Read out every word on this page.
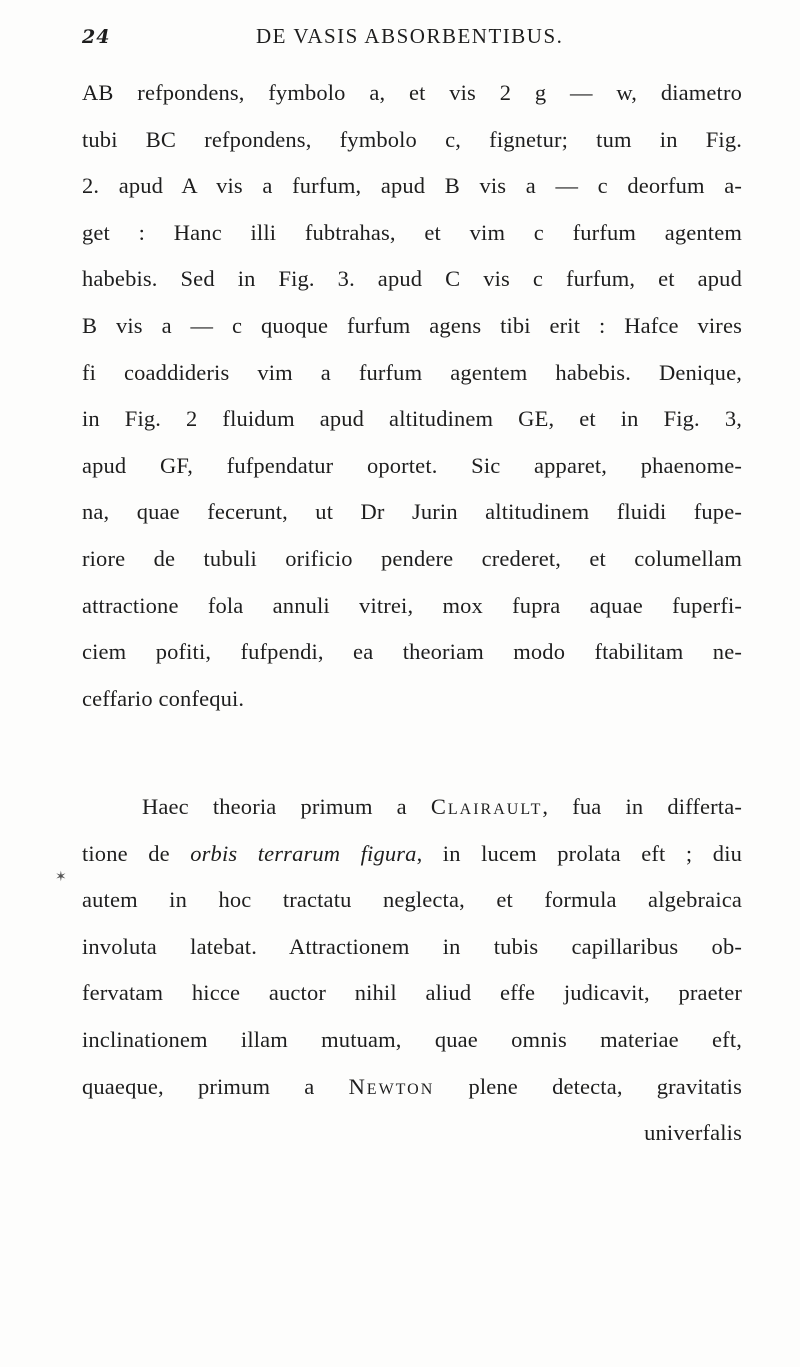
24	DE VASIS ABSORBENTIBUS.
AB refpondens, fymbolo a, et vis 2 g — w, diametro
tubi BC refpondens, fymbolo c, fignetur; tum in Fig.
2. apud A vis a furfum, apud B vis a — c deorfum a-
get : Hanc illi fubtrahas, et vim c furfum agentem
habebis. Sed in Fig. 3. apud C vis c furfum, et apud
B vis a — c quoque furfum agens tibi erit : Hafce vires
fi coaddideris vim a furfum agentem habebis. Denique,
in Fig. 2 fluidum apud altitudinem GE, et in Fig. 3,
apud GF, fufpendatur oportet. Sic apparet, phaenome-
na, quae fecerunt, ut Dr Jurin altitudinem fluidi fupe-
riore de tubuli orificio pendere crederet, et columellam
attractione fola annuli vitrei, mox fupra aquae fuperfi-
ciem pofiti, fufpendi, ea theoriam modo ftabilitam ne-
ceffario confequi.
✶
Haec theoria primum a Clairault, fua in differta-
tione de orbis terrarum figura, in lucem prolata eft ; diu
autem in hoc tractatu neglecta, et formula algebraica
involuta latebat. Attractionem in tubis capillaribus ob-
fervatam hicce auctor nihil aliud effe judicavit, praeter
inclinationem illam mutuam, quae omnis materiae eft,
quaeque, primum a Newton plene detecta, gravitatis
univerfalis
